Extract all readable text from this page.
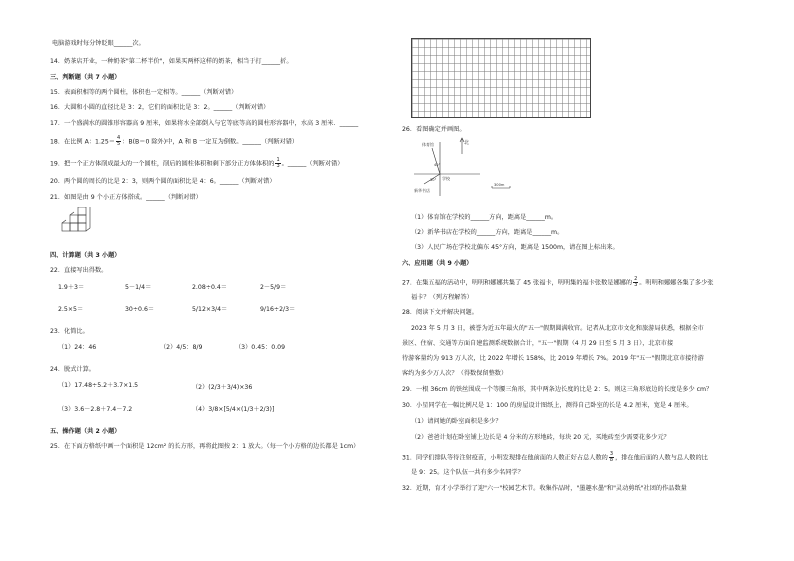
电脑游戏时每分钟眨眼______次。
14．奶茶店开业，一种奶茶"第二杯半价"，如果买两杯这样的奶茶，相当于打______折。
三、判断题（共 7 小题）
15．表面积相等的两个圆柱，体积也一定相等。______（判断对错）
16．大圆和小圆的直径比是 3：2，它们的面积比是 3：2。______（判断对错）
17．一个盛满水的圆锥形容器高 9 厘米，如果将水全部倒入与它等底等高的圆柱形容器中，水高 3 厘米．______
18．在比例 A：$1.25= \frac{4}{5}$ ：B(B＝0 除外)中，A 和 B 一定互为倒数。______（判断对错）
19．把一个正方体削成最大的一个圆柱，削后的圆柱体积和剩下部分正方体体积的 $\frac{1}{3}$ 。______（判断对错）
20．两个圆的周长的比是 2：3，则两个圆的面积比是 4：6。______（判断对错）
21．如图是由 9 个小正方体搭成。______（判断对错）
四、计算题（共 3 小题）
22．直接写出得数。
1.9＋3＝	5－1/4＝	2.08÷0.4＝	2－5/9＝
2.5×5＝	30÷0.6＝	5/12×3/4＝	9/16÷2/3＝
23．化简比。
（1）24：46	（2）4/5：8/9	（3）0.45：0.09
24．脱式计算。
（1）17.48÷5.2＋3.7×1.5	（2）(2/3＋3/4)×36
（3）3.6－2.8＋7.4－7.2	（4）3/8×[5/4×(1/3＋2/3)]
五、操作题（共 2 小题）
25．在下面方格纸中画一个面积是 12cm² 的长方形，再将此图按 2：1 放大。（每一个小方格的边长都是 1cm）
26．看图确定并画图。
北
学校
体育馆
新华书店
40°
30°
300m
（1）体育馆在学校的______方向，距离是______m。
（2）新华书店在学校的______方向，距离是______m。
（3）人民广场在学校北偏东 45°方向，距离是 1500m，请在图上标出来。
六、应用题（共 9 小题）
27．在集五福的活动中，明明和娜娜共集了 45 张福卡，明明集的福卡张数是娜娜的 $\frac{2}{3}$ 。明明和娜娜各集了多少张
福卡？（列方程解答）
28．阅读下文并解决问题。
2023 年 5 月 3 日，被誉为近五年最火的"五一"假期圆满收官。记者从北京市文化和旅游局获悉，根据全市
景区、住宿、交通等方面自建监测系统数据合计，"五一"假期（4 月 29 日至 5 月 3 日），北京市接
待游客量约为 913 万人次，比 2022 年增长 158%，比 2019 年增长 7%。2019 年"五一"假期北京市接待游
客约为多少万人次？（得数保留整数）
29．一根 36cm 的铁丝围成一个等腰三角形，其中两条边长度的比是 2：5。则这三角形底边的长度是多少 cm？
30．小星同学在一幅比例尺是 1：100 的房屋设计图纸上，测得自己卧室的长是 4.2 厘米，宽是 4 厘米。
（1）请问她的卧室面积是多少？
（2）爸爸计划在卧室铺上边长是 4 分米的方形地砖，每块 20 元，买地砖至少需要花多少元？
31．同学们排队等待注射疫苗，小明发现排在他前面的人数正好占总人数的 $\frac{3}{8}$ ，排在他后面的人数与总人数的比
是 9：25。这个队伍一共有多少名同学？
32．近期，育才小学举行了迎"六一"校园艺术节。收集作品时，"墨趣水墨"和"灵动剪纸"社团的作品数量
